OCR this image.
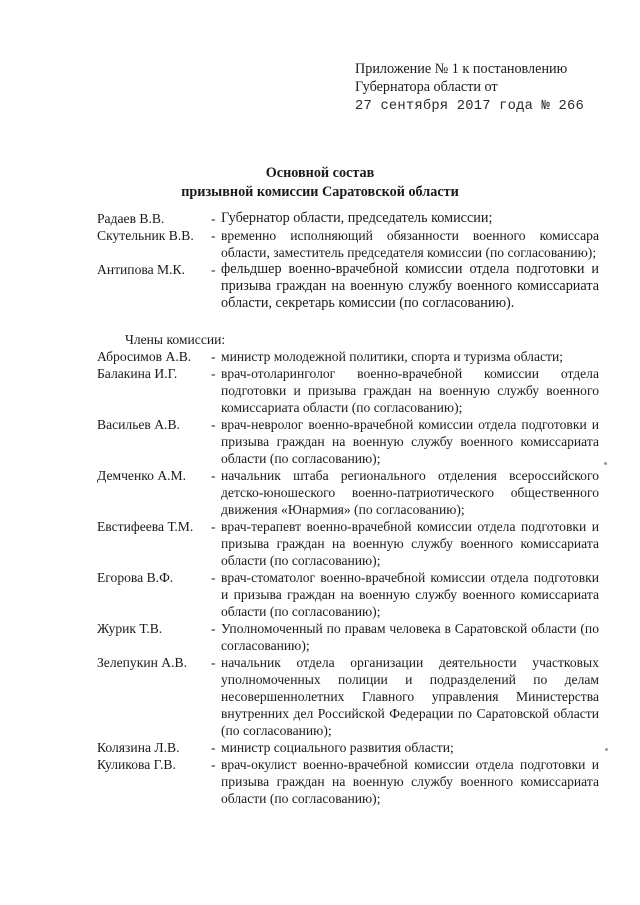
Приложение № 1 к постановлению
Губернатора области от
27 сентября 2017 года № 266
Основной состав
призывной комиссии Саратовской области
Радаев В.В.	- Губернатор области, председатель комиссии;
Скутельник В.В.	- временно исполняющий обязанности военного комиссара области, заместитель председателя комиссии (по согласованию);
Антипова М.К.	- фельдшер военно-врачебной комиссии отдела подготовки и призыва граждан на военную службу военного комиссариата области, секретарь комиссии (по согласованию).
Члены комиссии:
Абросимов А.В.	- министр молодежной политики, спорта и туризма области;
Балакина И.Г.	- врач-отоларинголог военно-врачебной комиссии отдела подготовки и призыва граждан на военную службу военного комиссариата области (по согласованию);
Васильев А.В.	- врач-невролог военно-врачебной комиссии отдела подготовки и призыва граждан на военную службу военного комиссариата области (по согласованию);
Демченко А.М.	- начальник штаба регионального отделения всероссийского детско-юношеского военно-патриотического общественного движения «Юнармия» (по согласованию);
Евстифеева Т.М.	- врач-терапевт военно-врачебной комиссии отдела подготовки и призыва граждан на военную службу военного комиссариата области (по согласованию);
Егорова В.Ф.	- врач-стоматолог военно-врачебной комиссии отдела подготовки и призыва граждан на военную службу военного комиссариата области (по согласованию);
Журик Т.В.	- Уполномоченный по правам человека в Саратовской области (по согласованию);
Зелепукин А.В.	- начальник отдела организации деятельности участковых уполномоченных полиции и подразделений по делам несовершеннолетних Главного управления Министерства внутренних дел Российской Федерации по Саратовской области (по согласованию);
Колязина Л.В.	- министр социального развития области;
Куликова Г.В.	- врач-окулист военно-врачебной комиссии отдела подготовки и призыва граждан на военную службу военного комиссариата области (по согласованию);
